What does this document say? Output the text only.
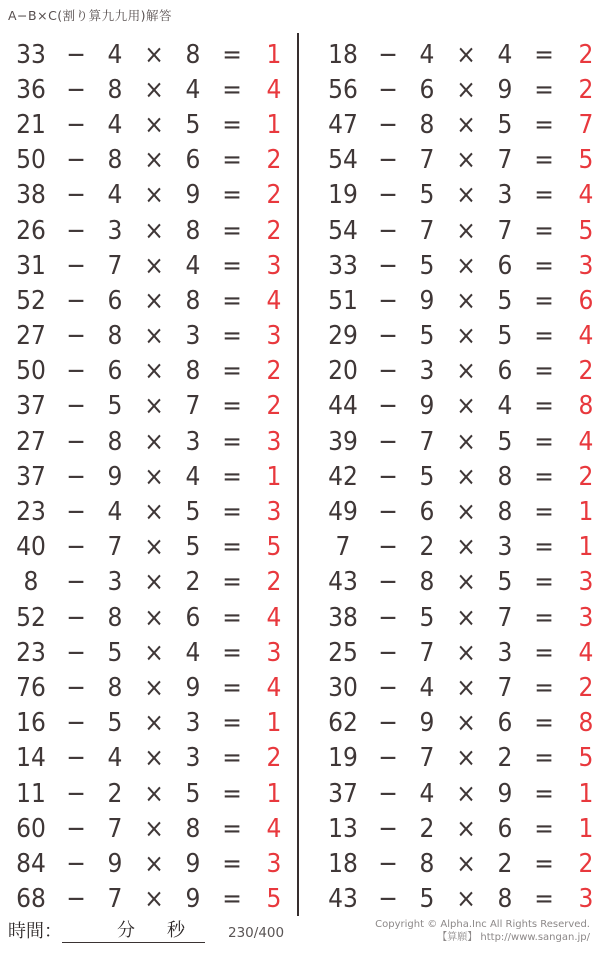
A−B×C(割り算九九用)解答
33 − 4 × 8 = 1
36 − 8 × 4 = 4
21 − 4 × 5 = 1
50 − 8 × 6 = 2
38 − 4 × 9 = 2
26 − 3 × 8 = 2
31 − 7 × 4 = 3
52 − 6 × 8 = 4
27 − 8 × 3 = 3
50 − 6 × 8 = 2
37 − 5 × 7 = 2
27 − 8 × 3 = 3
37 − 9 × 4 = 1
23 − 4 × 5 = 3
40 − 7 × 5 = 5
8	− 3 × 2 = 2
52 − 8 × 6 = 4
23 − 5 × 4 = 3
76 − 8 × 9 = 4
16 − 5 × 3 = 1
14 − 4 × 3 = 2
11 − 2 × 5 = 1
60 − 7 × 8 = 4
84 − 9 × 9 = 3
68 − 7 × 9 = 5
18 − 4 × 4 = 2
56 − 6 × 9 = 2
47 − 8 × 5 = 7
54 − 7 × 7 = 5
19 − 5 × 3 = 4
54 − 7 × 7 = 5
33 − 5 × 6 = 3
51 − 9 × 5 = 6
29 − 5 × 5 = 4
20 − 3 × 6 = 2
44 − 9 × 4 = 8
39 − 7 × 5 = 4
42 − 5 × 8 = 2
49 − 6 × 8 = 1
7	− 2 × 3 = 1
43 − 8 × 5 = 3
38 − 5 × 7 = 3
25 − 7 × 3 = 4
30 − 4 × 7 = 2
62 − 9 × 6 = 8
19 − 7 × 2 = 5
37 − 4 × 9 = 1
13 − 2 × 6 = 1
18 − 8 × 2 = 2
43 − 5 × 8 = 3
時間：	分 秒	230/400
Copyright © Alpha.Inc All Rights Reserved.
【算願】 http://www.sangan.jp/
